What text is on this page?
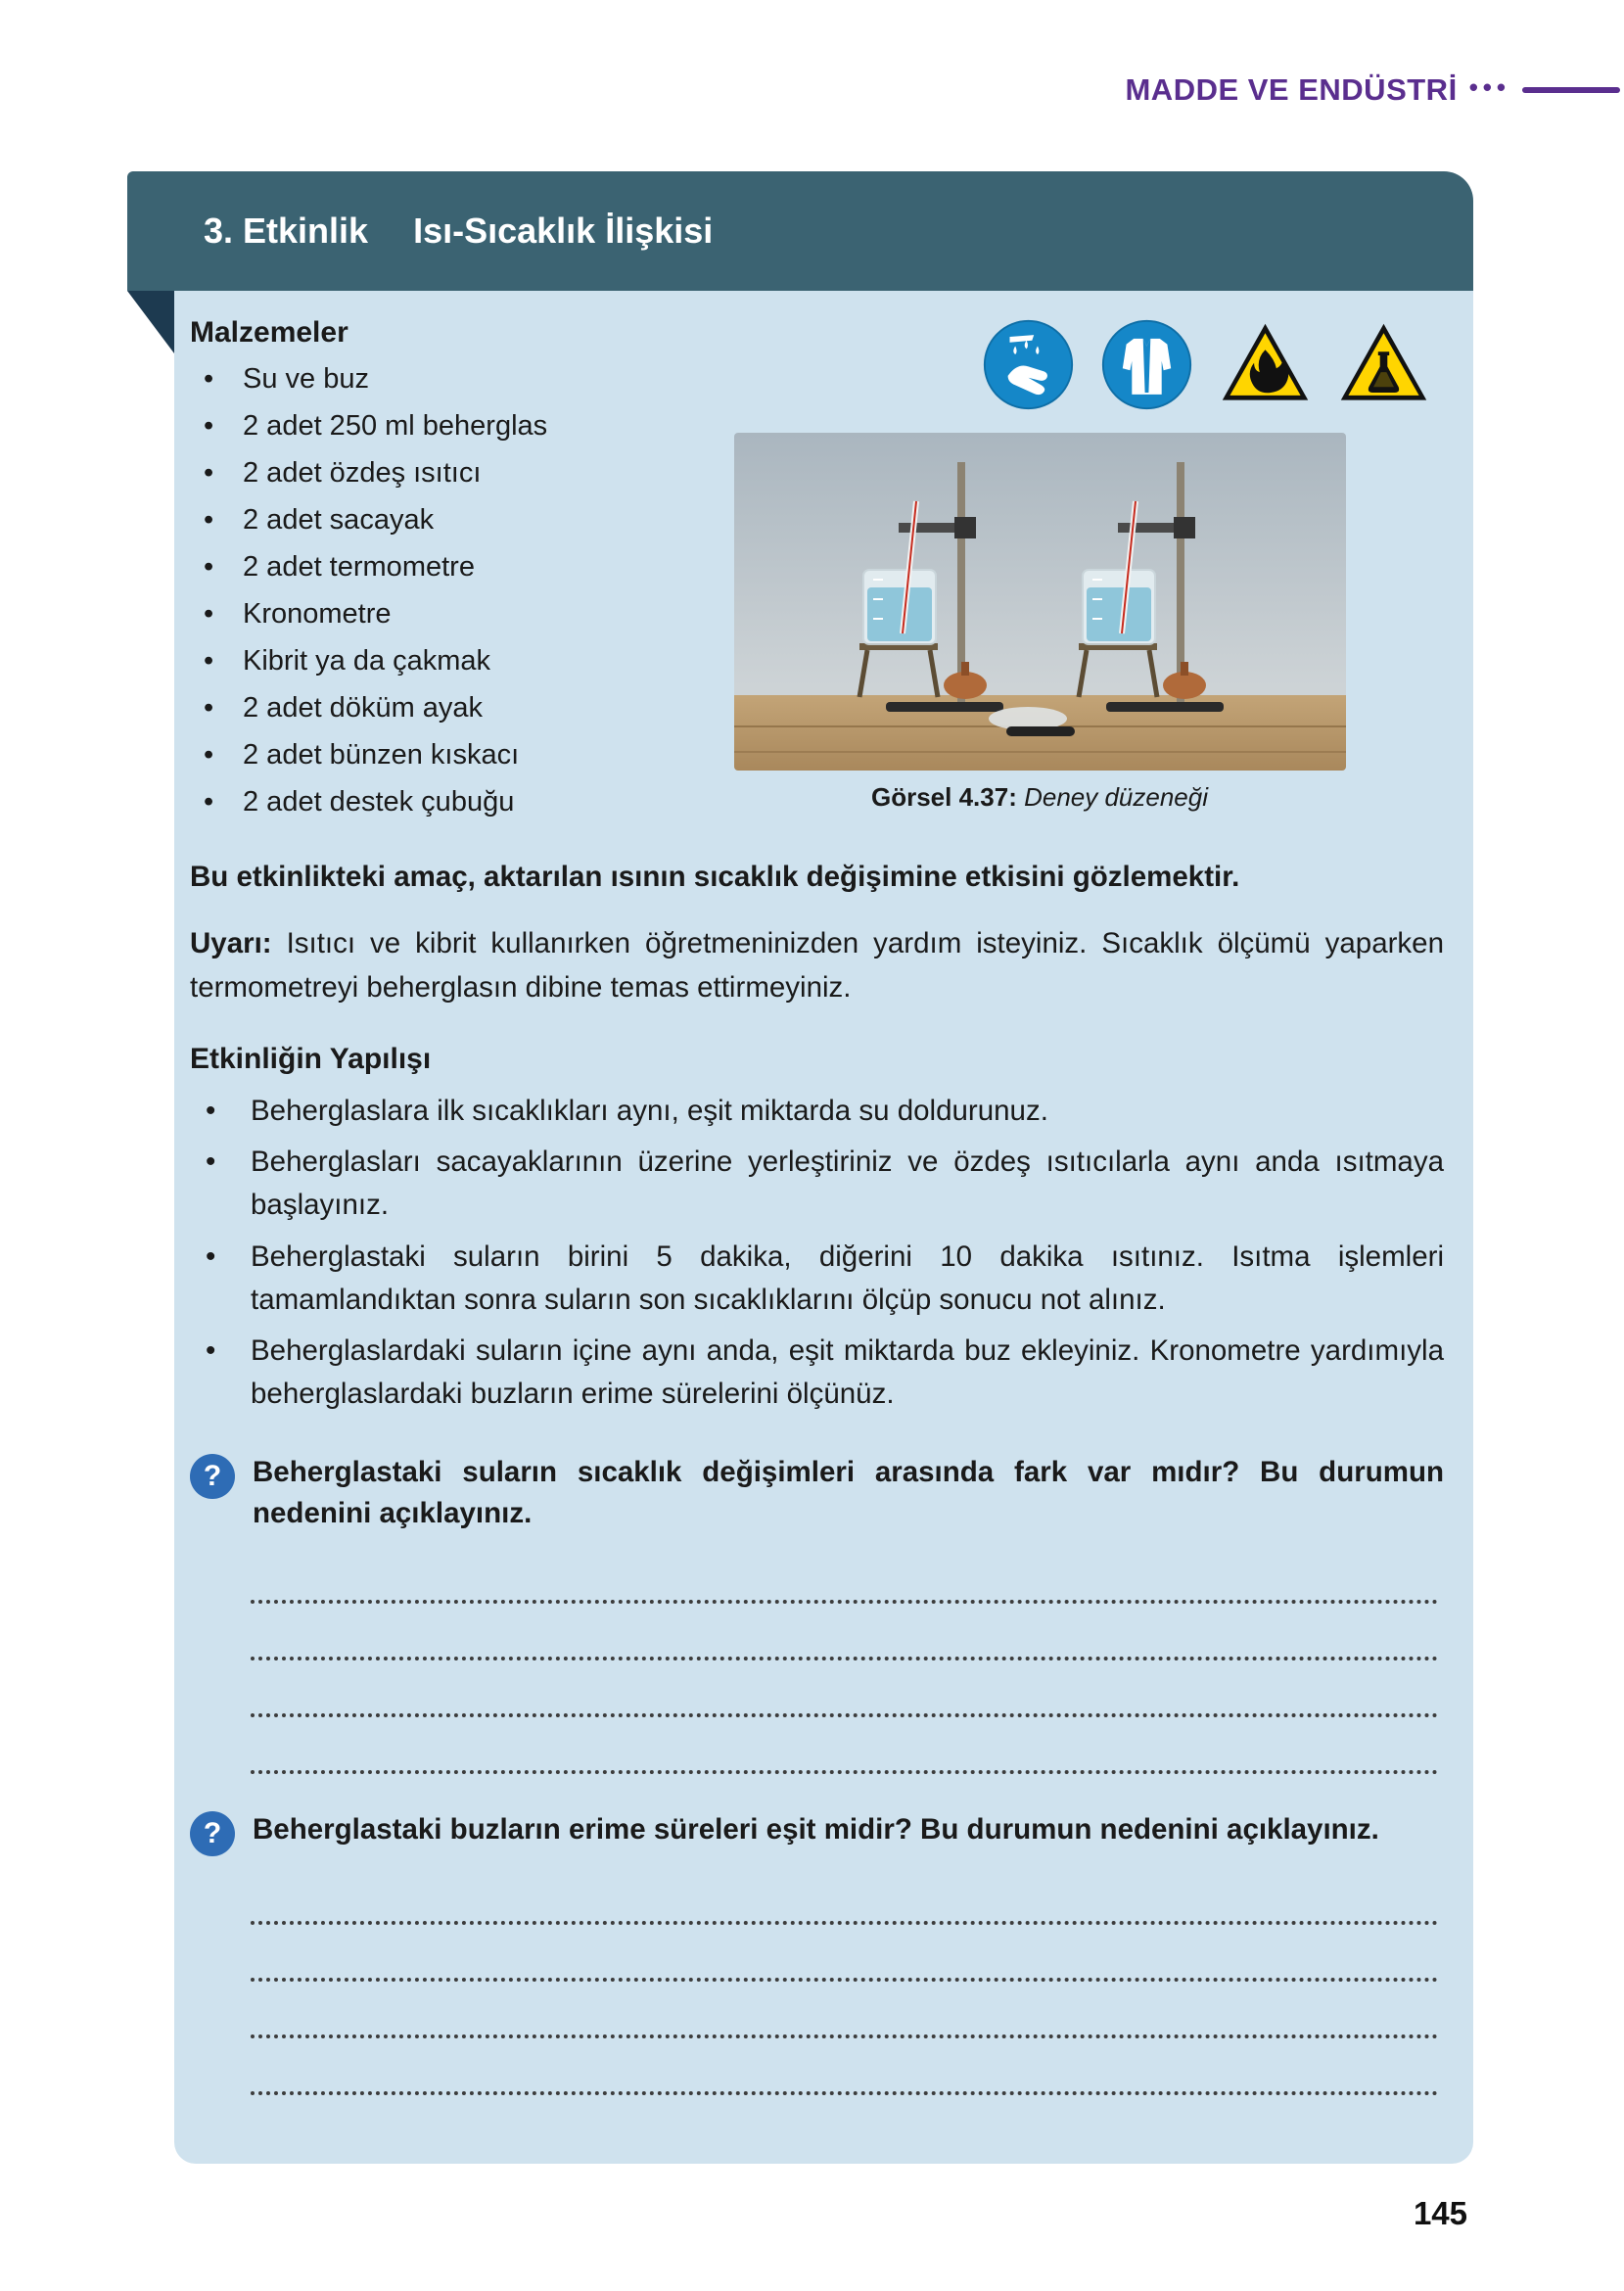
MADDE VE ENDÜSTRİ •••
3. Etkinlik Isı-Sıcaklık İlişkisi
Malzemeler
• Su ve buz
• 2 adet 250 ml beherglas
• 2 adet özdeş ısıtıcı
• 2 adet sacayak
• 2 adet termometre
• Kronometre
• Kibrit ya da çakmak
• 2 adet döküm ayak
• 2 adet bünzen kıskacı
• 2 adet destek çubuğu	Görsel 4.37: Deney düzeneği
Bu etkinlikteki amaç, aktarılan ısının sıcaklık değişimine etkisini gözlemektir.
Uyarı: Isıtıcı ve kibrit kullanırken öğretmeninizden yardım isteyiniz. Sıcaklık ölçümü yaparken termometreyi beherglasın dibine temas ettirmeyiniz.
Etkinliğin Yapılışı
• Beherglaslara ilk sıcaklıkları aynı, eşit miktarda su doldurunuz.
• Beherglasları sacayaklarının üzerine yerleştiriniz ve özdeş ısıtıcılarla aynı anda ısıtmaya başlayınız.
• Beherglastaki suların birini 5 dakika, diğerini 10 dakika ısıtınız. Isıtma işlemleri tamamlandıktan sonra suların son sıcaklıklarını ölçüp sonucu not alınız.
• Beherglaslardaki suların içine aynı anda, eşit miktarda buz ekleyiniz. Kronometre yardımıyla beherglaslardaki buzların erime sürelerini ölçünüz.
?	Beherglastaki suların sıcaklık değişimleri arasında fark var mıdır? Bu durumun nedenini açıklayınız.
?	Beherglastaki buzların erime süreleri eşit midir? Bu durumun nedenini açıklayınız.
145
